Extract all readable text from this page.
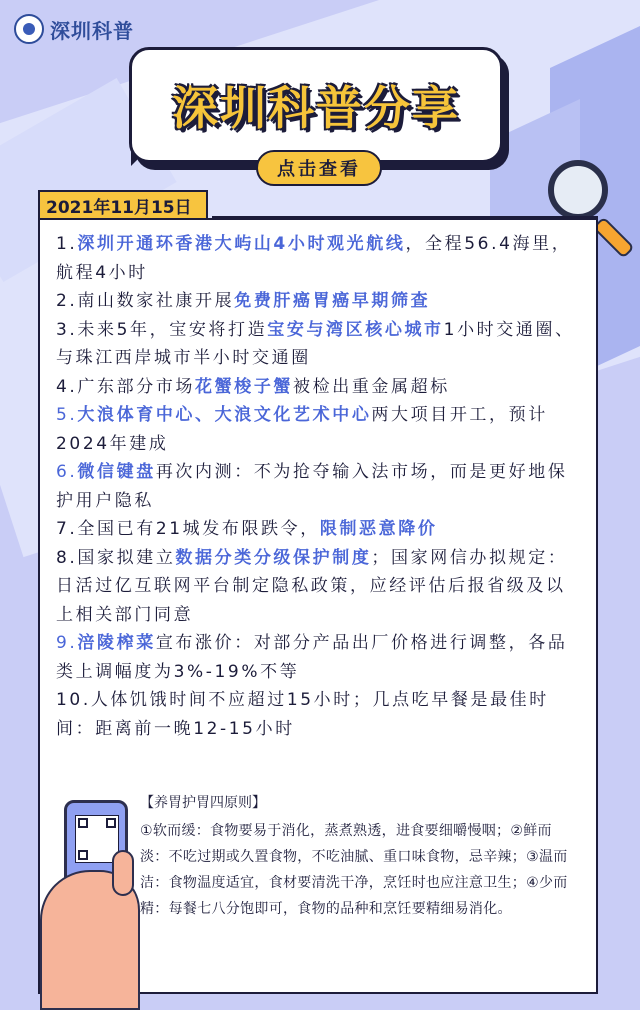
深圳科普
深圳科普分享
点击查看
2021年11月15日
1.深圳开通环香港大屿山4小时观光航线，全程56.4海里，航程4小时
2.南山数家社康开展免费肝癌胃癌早期筛查
3.未来5年，宝安将打造宝安与湾区核心城市1小时交通圈、与珠江西岸城市半小时交通圈
4.广东部分市场花蟹梭子蟹被检出重金属超标
5.大浪体育中心、大浪文化艺术中心两大项目开工，预计2024年建成
6.微信键盘再次内测：不为抢夺输入法市场，而是更好地保护用户隐私
7.全国已有21城发布限跌令，限制恶意降价
8.国家拟建立数据分类分级保护制度；国家网信办拟规定：日活过亿互联网平台制定隐私政策，应经评估后报省级及以上相关部门同意
9.涪陵榨菜宣布涨价：对部分产品出厂价格进行调整，各品类上调幅度为3%-19%不等
10.人体饥饿时间不应超过15小时；几点吃早餐是最佳时间：距离前一晚12-15小时
【养胃护胃四原则】
①软而缓：食物要易于消化，蒸煮熟透，进食要细嚼慢咽；②鲜而淡：不吃过期或久置食物，不吃油腻、重口味食物，忌辛辣；③温而洁：食物温度适宜，食材要清洗干净，烹饪时也应注意卫生；④少而精：每餐七八分饱即可，食物的品种和烹饪要精细易消化。
